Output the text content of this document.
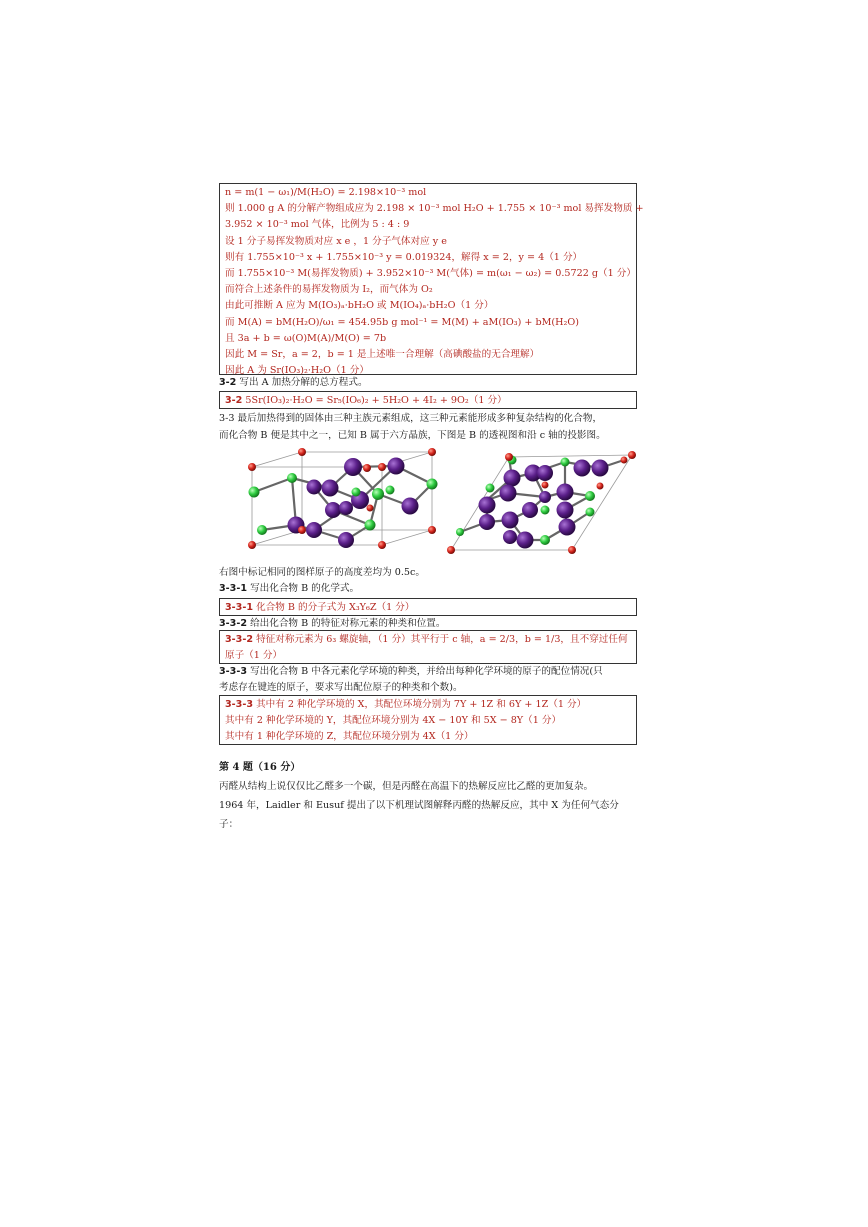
n = m(1 − ω₁)/M(H₂O) = 2.198×10⁻³ mol
则 1.000 g A 的分解产物组成应为 2.198 × 10⁻³ mol H₂O + 1.755 × 10⁻³ mol 易挥发物质 +
3.952 × 10⁻³ mol 气体，比例为 5 : 4 : 9
设 1 分子易挥发物质对应 x e ，1 分子气体对应 y e
则有 1.755×10⁻³ x + 1.755×10⁻³ y = 0.019324，解得 x = 2，y = 4（1 分）
而 1.755×10⁻³ M(易挥发物质) + 3.952×10⁻³ M(气体) = m(ω₁ − ω₂) = 0.5722 g（1 分）
而符合上述条件的易挥发物质为 I₂，而气体为 O₂
由此可推断 A 应为 M(IO₃)ₐ·bH₂O 或 M(IO₄)ₐ·bH₂O（1 分）
而 M(A) = bM(H₂O)/ω₁ = 454.95b g mol⁻¹ = M(M) + aM(IO₃) + bM(H₂O)
且 3a + b = ω(O)M(A)/M(O) = 7b
因此 M = Sr，a = 2，b = 1 是上述唯一合理解（高碘酸盐的无合理解）
因此 A 为 Sr(IO₃)₂·H₂O（1 分）
3-2 写出 A 加热分解的总方程式。
3-2 5Sr(IO₃)₂·H₂O = Sr₅(IO₆)₂ + 5H₂O + 4I₂ + 9O₂（1 分）
3-3 最后加热得到的固体由三种主族元素组成，这三种元素能形成多种复杂结构的化合物，
而化合物 B 便是其中之一，已知 B 属于六方晶族，下图是 B 的透视图和沿 c 轴的投影图。
右图中标记相同的图样原子的高度差均为 0.5c。
3-3-1 写出化合物 B 的化学式。
3-3-1 化合物 B 的分子式为 X₃Y₆Z（1 分）
3-3-2 给出化合物 B 的特征对称元素的种类和位置。
3-3-2 特征对称元素为 6₃ 螺旋轴，（1 分）其平行于 c 轴，a = 2/3，b = 1/3，且不穿过任何
原子（1 分）
3-3-3 写出化合物 B 中各元素化学环境的种类，并给出每种化学环境的原子的配位情况(只
考虑存在键连的原子，要求写出配位原子的种类和个数)。
3-3-3 其中有 2 种化学环境的 X，其配位环境分别为 7Y + 1Z 和 6Y + 1Z（1 分）
其中有 2 种化学环境的 Y，其配位环境分别为 4X − 10Y 和 5X − 8Y（1 分）
其中有 1 种化学环境的 Z，其配位环境分别为 4X（1 分）
第 4 题（16 分）
丙醛从结构上说仅仅比乙醛多一个碳，但是丙醛在高温下的热解反应比乙醛的更加复杂。
1964 年，Laidler 和 Eusuf 提出了以下机理试图解释丙醛的热解反应，其中 X 为任何气态分
子：
